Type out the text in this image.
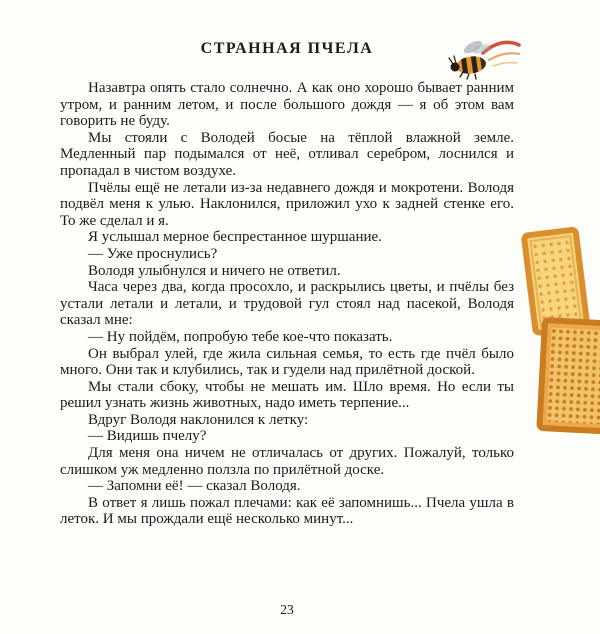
СТРАННАЯ ПЧЕЛА

Назавтра опять стало солнечно. А как оно хорошо бывает ранним утром, и ранним летом, и после большого дождя — я об этом вам говорить не буду.

Мы стояли с Володей босые на тёплой влажной земле. Медленный пар подымался от неё, отливал серебром, лоснился и пропадал в чистом воздухе.

Пчёлы ещё не летали из-за недавнего дождя и мокротени. Володя подвёл меня к улью. Наклонился, приложил ухо к задней стенке его. То же сделал и я.

Я услышал мерное беспрестанное шуршание.

— Уже проснулись?

Володя улыбнулся и ничего не ответил.

Часа через два, когда просохло, и раскрылись цветы, и пчёлы без устали летали и летали, и трудовой гул стоял над пасекой, Володя сказал мне:

— Ну пойдём, попробую тебе кое-что показать.

Он выбрал улей, где жила сильная семья, то есть где пчёл было много. Они так и клубились, так и гудели над прилётной доской.

Мы стали сбоку, чтобы не мешать им. Шло время. Но если ты решил узнать жизнь животных, надо иметь терпение...

Вдруг Володя наклонился к летку:

— Видишь пчелу?

Для меня она ничем не отличалась от других. Пожалуй, только слишком уж медленно ползла по прилётной доске.

— Запомни её! — сказал Володя.

В ответ я лишь пожал плечами: как её запомнишь... Пчела ушла в леток. И мы прождали ещё несколько минут...

23
